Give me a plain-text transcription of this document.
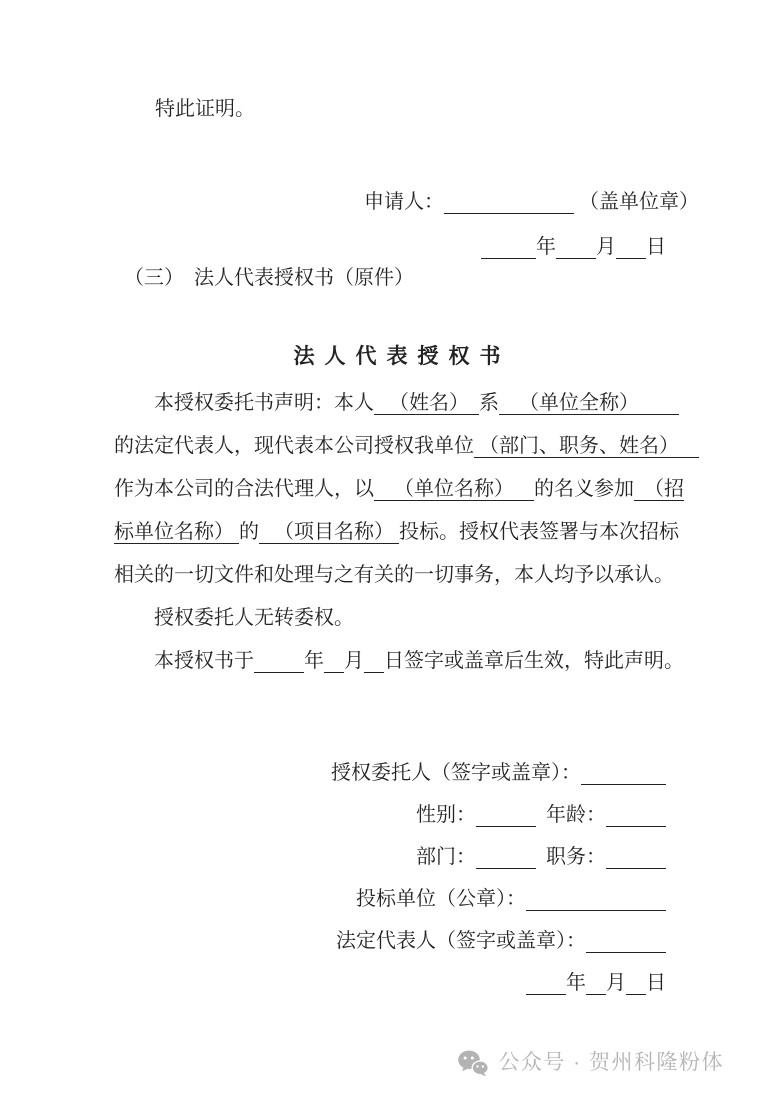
特此证明。
申请人：	（盖单位章）
年 月 日
（三）  法人代表授权书（原件）
法人代表授权书
本授权委托书声明：本人   （姓名）  系    （单位全称）
的法定代表人，现代表本公司授权我单位 （部门、职务、姓名）
作为本公司的合法代理人，以    （单位名称）    的名义参加  （招
标单位名称） 的   （项目名称） 投标。授权代表签署与本次招标
相关的一切文件和处理与之有关的一切事务，本人均予以承认。
授权委托人无转委权。
本授权书于	年 月 日签字或盖章后生效，特此声明。
授权委托人（签字或盖章）：
性别：	年龄：
部门：	职务：
投标单位（公章）：
法定代表人（签字或盖章）：
年 月 日
公众号 · 贺州科隆粉体
